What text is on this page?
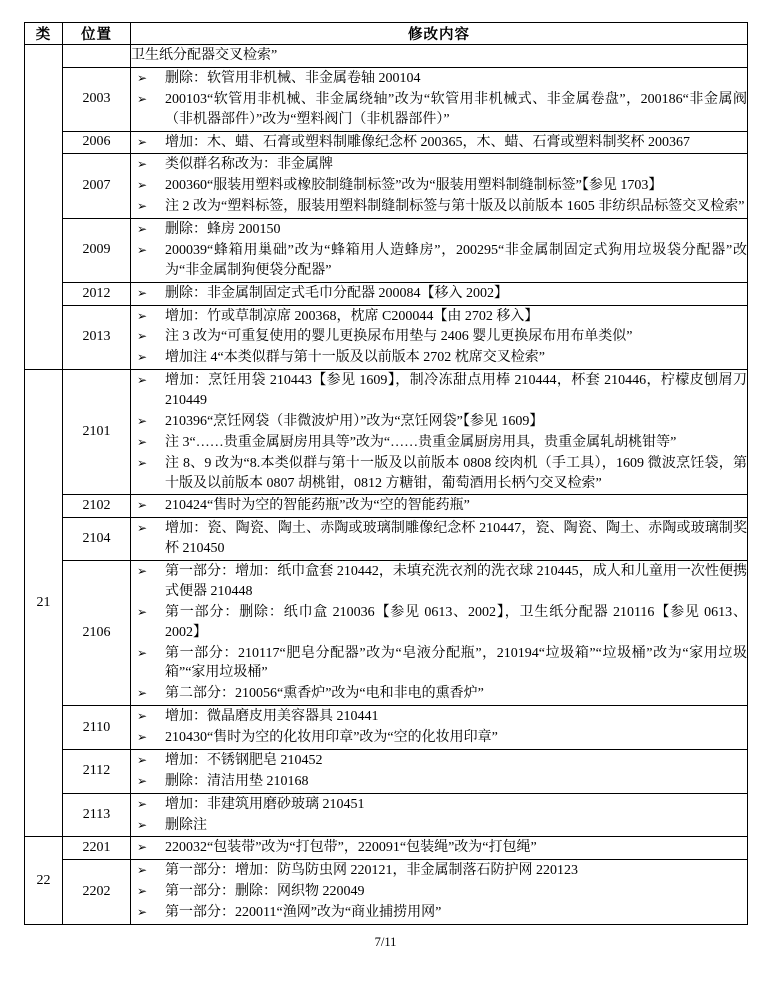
类	位置	修改内容

卫生纸分配器交叉检索”

2003	
➢ 删除：软管用非机械、非金属卷轴 200104
➢ 200103“软管用非机械、非金属绕轴”改为“软管用非机械式、非金属卷盘”，200186“非金属阀（非机器部件）”改为“塑料阀门（非机器部件）”

2006	➢ 增加：木、蜡、石膏或塑料制雕像纪念杯 200365，木、蜡、石膏或塑料制奖杯 200367

2007	
➢ 类似群名称改为：非金属牌
➢ 200360“服装用塑料或橡胶制缝制标签”改为“服装用塑料制缝制标签”【参见 1703】
➢ 注 2 改为“塑料标签，服装用塑料制缝制标签与第十版及以前版本 1605 非纺织品标签交叉检索”

2009	
➢ 删除：蜂房 200150
➢ 200039“蜂箱用巢础”改为“蜂箱用人造蜂房”，200295“非金属制固定式狗用垃圾袋分配器”改为“非金属制狗便袋分配器”

2012	➢ 删除：非金属制固定式毛巾分配器 200084【移入 2002】

2013	
➢ 增加：竹或草制凉席 200368，枕席 C200044【由 2702 移入】
➢ 注 3 改为“可重复使用的婴儿更换尿布用垫与 2406 婴儿更换尿布用布单类似”
➢ 增加注 4“本类似群与第十一版及以前版本 2702 枕席交叉检索”

21	2101	
➢ 增加：烹饪用袋 210443【参见 1609】，制冷冻甜点用棒 210444，杯套 210446，柠檬皮刨屑刀 210449
➢ 210396“烹饪网袋（非微波炉用）”改为“烹饪网袋”【参见 1609】
➢ 注 3“……贵重金属厨房用具等”改为“……贵重金属厨房用具，贵重金属轧胡桃钳等”
➢ 注 8、9 改为“8.本类似群与第十一版及以前版本 0808 绞肉机（手工具），1609 微波烹饪袋，第十版及以前版本 0807 胡桃钳，0812 方糖钳，葡萄酒用长柄勺交叉检索”

2102	➢ 210424“售时为空的智能药瓶”改为“空的智能药瓶”

2104	
➢ 增加：瓷、陶瓷、陶土、赤陶或玻璃制雕像纪念杯 210447，瓷、陶瓷、陶土、赤陶或玻璃制奖杯 210450

2106	
➢ 第一部分：增加：纸巾盒套 210442，未填充洗衣剂的洗衣球 210445，成人和儿童用一次性便携式便器 210448
➢ 第一部分：删除：纸巾盒 210036【参见 0613、2002】，卫生纸分配器 210116【参见 0613、2002】
➢ 第一部分：210117“肥皂分配器”改为“皂液分配瓶”，210194“垃圾箱”“垃圾桶”改为“家用垃圾箱”“家用垃圾桶”
➢ 第二部分：210056“熏香炉”改为“电和非电的熏香炉”

2110	
➢ 增加：微晶磨皮用美容器具 210441
➢ 210430“售时为空的化妆用印章”改为“空的化妆用印章”

2112	
➢ 增加：不锈钢肥皂 210452
➢ 删除：清洁用垫 210168

2113	
➢ 增加：非建筑用磨砂玻璃 210451
➢ 删除注

22	2201	➢ 220032“包装带”改为“打包带”，220091“包装绳”改为“打包绳”

2202	
➢ 第一部分：增加：防鸟防虫网 220121，非金属制落石防护网 220123
➢ 第一部分：删除：网织物 220049
➢ 第一部分：220011“渔网”改为“商业捕捞用网”
7/11
